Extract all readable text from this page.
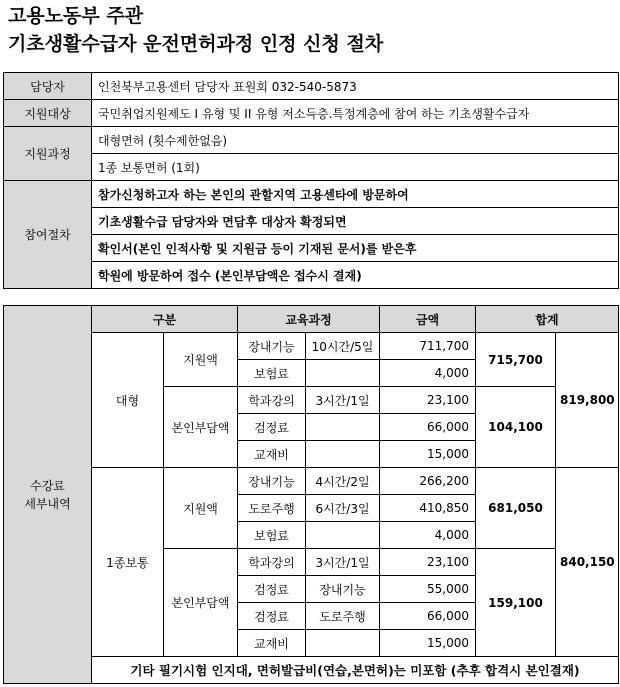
고용노동부 주관
기초생활수급자 운전면허과정 인정 신청 절차
담당자	인천북부고용센터 담당자 표원회 032-540-5873
지원대상	국민취업지원제도 I 유형 및 II 유형 저소득층.특정계층에 참여 하는 기초생활수급자
지원과정	대형면허 (횟수제한없음)
	1종 보통면허 (1회)
참여절차	참가신청하고자 하는 본인의 관할지역 고용센타에 방문하여
	기초생활수급 담당자와 면담후 대상자 확정되면
	확인서(본인 인적사항 및 지원금 등이 기재된 문서)를 받은후
	학원에 방문하여 접수 (본인부담액은 접수시 결재)
수강료
세부내역	구분		교육과정		금액	합계	
	대형	지원액	장내기능	10시간/5일	711,700	715,700	819,800
			보험료		4,000		
		본인부담액	학과강의	3시간/1일	23,100	104,100	
			검정료		66,000		
			교재비		15,000		
	1종보통	지원액	장내기능	4시간/2일	266,200	681,050	840,150
			도로주행	6시간/3일	410,850		
			보험료		4,000		
		본인부담액	학과강의	3시간/1일	23,100	159,100	
			검정료	장내기능	55,000		
			검정료	도로주행	66,000		
			교재비		15,000		
	기타 필기시험 인지대, 면허발급비(연습,본면허)는 미포함 (추후 합격시 본인결재)						
